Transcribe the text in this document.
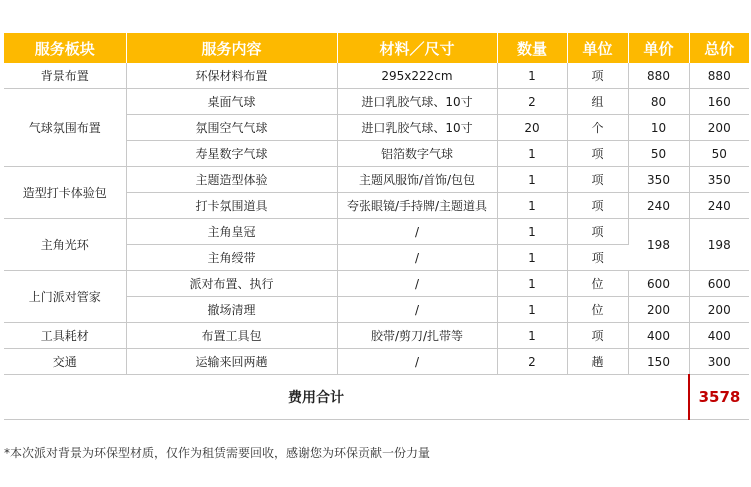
服务板块	服务内容	材料／尺寸	数量	单位	单价	总价
背景布置	环保材料布置	295x222cm	1	项	880	880
气球氛围布置	桌面气球	进口乳胶气球、10寸	2	组	80	160
	氛围空气气球	进口乳胶气球、10寸	20	个	10	200
	寿星数字气球	铝箔数字气球	1	项	50	50
造型打卡体验包	主题造型体验	主题风服饰/首饰/包包	1	项	350	350
	打卡氛围道具	夸张眼镜/手持牌/主题道具	1	项	240	240
主角光环	主角皇冠	/	1	项	198	198
	主角绶带	/	1	项		
上门派对管家	派对布置、执行	/	1	位	600	600
	撤场清理	/	1	位	200	200
工具耗材	布置工具包	胶带/剪刀/扎带等	1	项	400	400
交通	运输来回两趟	/	2	趟	150	300
费用合计						3578
*本次派对背景为环保型材质，仅作为租赁需要回收，感谢您为环保贡献一份力量
